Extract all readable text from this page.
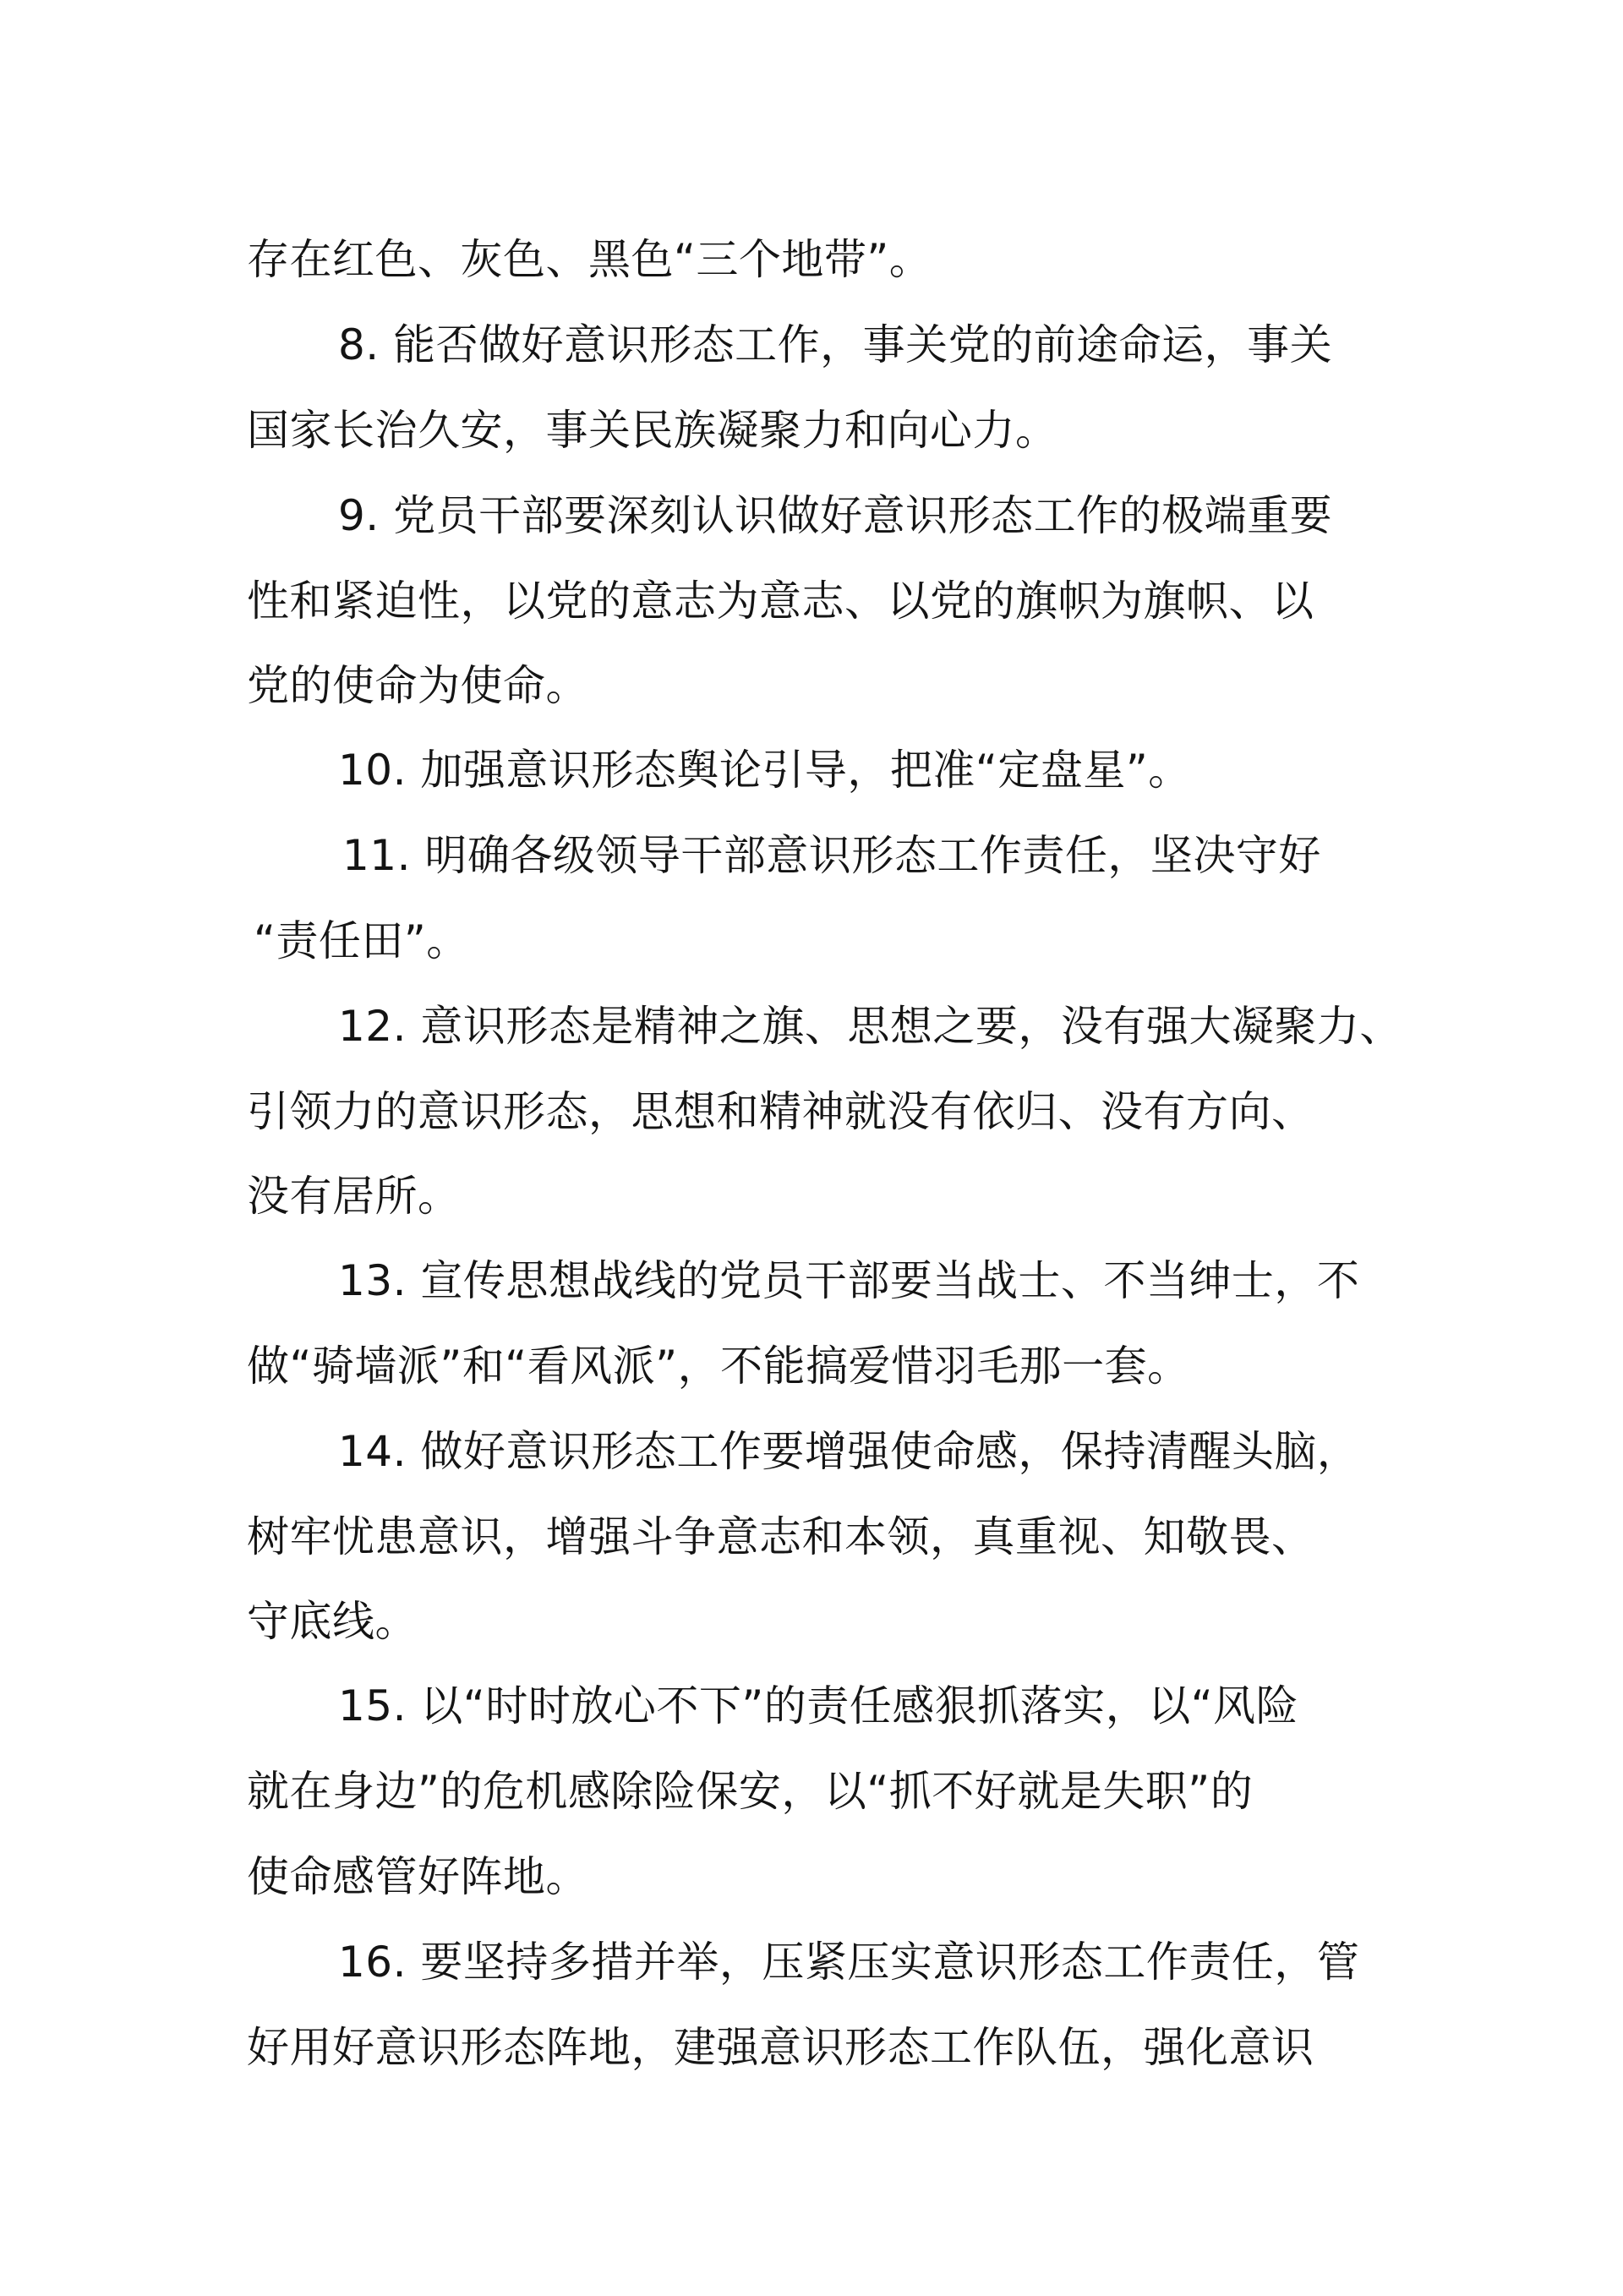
存在红色、灰色、黑色“三个地带”。
8. 能否做好意识形态工作，事关党的前途命运，事关
国家长治久安，事关民族凝聚力和向心力。
9. 党员干部要深刻认识做好意识形态工作的极端重要
性和紧迫性，以党的意志为意志、以党的旗帜为旗帜、以
党的使命为使命。
10. 加强意识形态舆论引导，把准“定盘星”。
11. 明确各级领导干部意识形态工作责任，坚决守好
“责任田”。
12. 意识形态是精神之旗、思想之要，没有强大凝聚力、
引领力的意识形态，思想和精神就没有依归、没有方向、
没有居所。
13. 宣传思想战线的党员干部要当战士、不当绅士，不
做“骑墙派”和“看风派”，不能搞爱惜羽毛那一套。
14. 做好意识形态工作要增强使命感，保持清醒头脑，
树牢忧患意识，增强斗争意志和本领，真重视、知敬畏、
守底线。
15. 以“时时放心不下”的责任感狠抓落实，以“风险
就在身边”的危机感除险保安，以“抓不好就是失职”的
使命感管好阵地。
16. 要坚持多措并举，压紧压实意识形态工作责任，管
好用好意识形态阵地，建强意识形态工作队伍，强化意识
